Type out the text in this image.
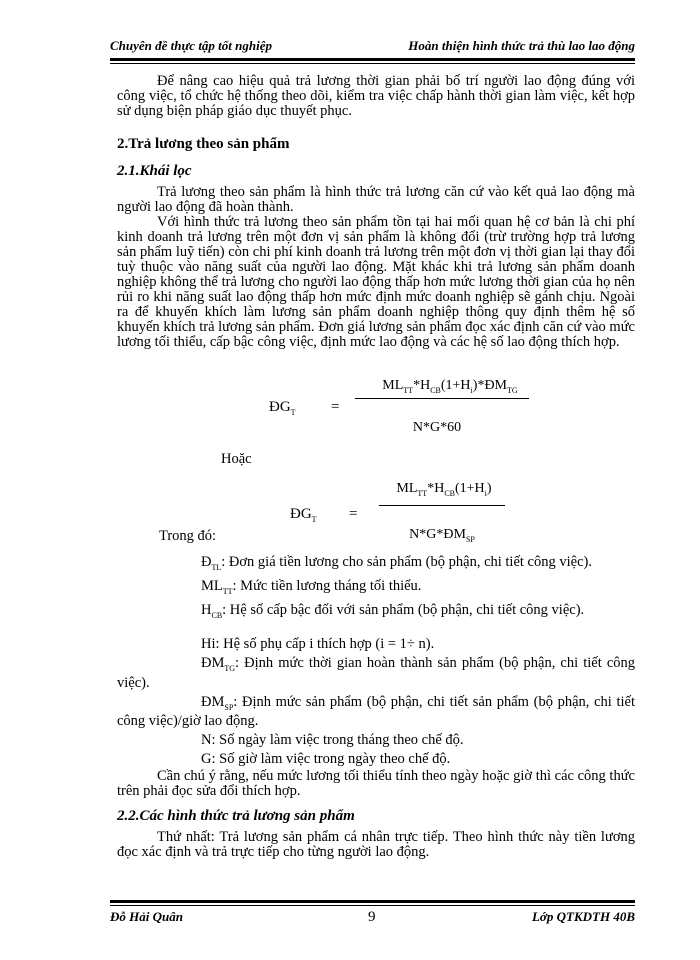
Chuyên đề thực tập tốt nghiệp	Hoàn thiện hình thức trả thù lao lao động

Để nâng cao hiệu quả trả lương thời gian phải bố trí người lao động đúng với công việc, tổ chức hệ thống theo dõi, kiểm tra việc chấp hành thời gian làm việc, kết hợp sử dụng biện pháp giáo dục thuyết phục.

2.Trả lương theo sản phẩm
2.1.Khái lọc

Trả lương theo sản phẩm là hình thức trả lương căn cứ vào kết quả lao động mà người lao động đã hoàn thành.

Với hình thức trả lương theo sản phẩm tồn tại hai mối quan hệ cơ bản là chi phí kinh doanh trả lương trên một đơn vị sản phẩm là không đổi (trừ trường hợp trả lương sản phẩm luỹ tiến) còn chi phí kinh doanh trả lương trên một đơn vị thời gian lại thay đổi tuỳ thuộc vào năng suất của người lao động. Mặt khác khi trả lương sản phẩm doanh nghiệp không thể trả lương cho người lao động thấp hơn mức lương thời gian của họ nên rủi ro khi năng suất lao động thấp hơn mức định mức doanh nghiệp sẽ gánh chịu. Ngoài ra để khuyến khích làm lương sản phẩm doanh nghiệp thông quy định thêm hệ số khuyến khích trả lương sản phẩm. Đơn giá lương sản phẩm đọc xác định căn cứ vào mức lương tối thiểu, cấp bậc công việc, định mức lao động và các hệ số lao động thích hợp.

$ĐG_T$ =
$ML_{TT}*H_{CB}(1+H_i)*ĐM_{TG}$
N*G*60

Hoặc

$ĐG_T$ =
$ML_{TT}*H_{CB}(1+H_i)$
$N*G*ĐM_{SP}$
Trong đó:

$Đ_{TL}$: Đơn giá tiền lương cho sản phẩm (bộ phận, chi tiết công việc).

$ML_{TT}$: Mức tiền lương tháng tối thiểu.

$H_{CB}$: Hệ số cấp bậc đối với sản phẩm (bộ phận, chi tiết công việc).

Hi: Hệ số phụ cấp i thích hợp (i = 1÷ n).

$ĐM_{TG}$: Định mức thời gian hoàn thành sản phẩm (bộ phận, chi tiết công việc).

$ĐM_{SP}$: Định mức sản phẩm (bộ phận, chi tiết sản phẩm (bộ phận, chi tiết công việc)/giờ lao động.

N: Số ngày làm việc trong tháng theo chế độ.

G: Số giờ làm việc trong ngày theo chế độ.

Cần chú ý rằng, nếu mức lương tối thiểu tính theo ngày hoặc giờ thì các công thức trên phải đọc sửa đổi thích hợp.

2.2.Các hình thức trả lương sản phẩm

Thứ nhất: Trả lương sản phẩm cá nhân trực tiếp. Theo hình thức này tiền lương đọc xác định và trả trực tiếp cho từng người lao động.

Đỗ Hải Quân	9	Lớp QTKDTH 40B
